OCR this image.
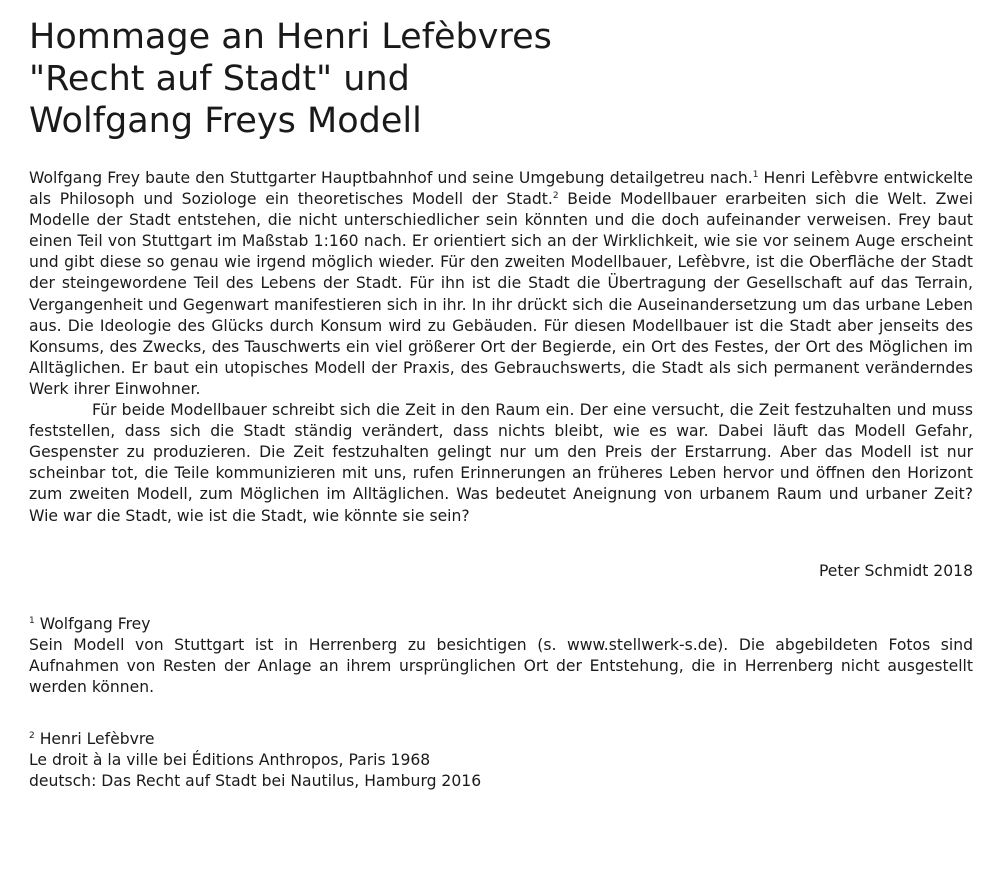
Hommage an Henri Lefèbvres
"Recht auf Stadt" und
Wolfgang Freys Modell

Wolfgang Frey baute den Stuttgarter Hauptbahnhof und seine Umgebung detailgetreu nach.$^1$ Henri Lefèbvre entwickelte als Philosoph und Soziologe ein theoretisches Modell der Stadt.$^2$ Beide Modellbauer erarbeiten sich die Welt. Zwei Modelle der Stadt entstehen, die nicht unterschiedlicher sein könnten und die doch aufeinander verweisen. Frey baut einen Teil von Stuttgart im Maßstab 1:160 nach. Er orientiert sich an der Wirklichkeit, wie sie vor seinem Auge erscheint und gibt diese so genau wie irgend möglich wieder. Für den zweiten Modellbauer, Lefèbvre, ist die Oberfläche der Stadt der steingewordene Teil des Lebens der Stadt. Für ihn ist die Stadt die Übertragung der Gesellschaft auf das Terrain, Vergangenheit und Gegenwart manifestieren sich in ihr. In ihr drückt sich die Auseinandersetzung um das urbane Leben aus. Die Ideologie des Glücks durch Konsum wird zu Gebäuden. Für diesen Modellbauer ist die Stadt aber jenseits des Konsums, des Zwecks, des Tauschwerts ein viel größerer Ort der Begierde, ein Ort des Festes, der Ort des Möglichen im Alltäglichen. Er baut ein utopisches Modell der Praxis, des Gebrauchswerts, die Stadt als sich permanent veränderndes Werk ihrer Einwohner.

Für beide Modellbauer schreibt sich die Zeit in den Raum ein. Der eine versucht, die Zeit festzuhalten und muss feststellen, dass sich die Stadt ständig verändert, dass nichts bleibt, wie es war. Dabei läuft das Modell Gefahr, Gespenster zu produzieren. Die Zeit festzuhalten gelingt nur um den Preis der Erstarrung. Aber das Modell ist nur scheinbar tot, die Teile kommunizieren mit uns, rufen Erinnerungen an früheres Leben hervor und öffnen den Horizont zum zweiten Modell, zum Möglichen im Alltäglichen. Was bedeutet Aneignung von urbanem Raum und urbaner Zeit? Wie war die Stadt, wie ist die Stadt, wie könnte sie sein?

Peter Schmidt 2018
$^1$ Wolfgang Frey
Sein Modell von Stuttgart ist in Herrenberg zu besichtigen (s. www.stellwerk-s.de). Die abgebildeten Fotos sind Aufnahmen von Resten der Anlage an ihrem ursprünglichen Ort der Entstehung, die in Herrenberg nicht ausgestellt werden können.
$^2$ Henri Lefèbvre
Le droit à la ville bei Éditions Anthropos, Paris 1968
deutsch: Das Recht auf Stadt bei Nautilus, Hamburg 2016
